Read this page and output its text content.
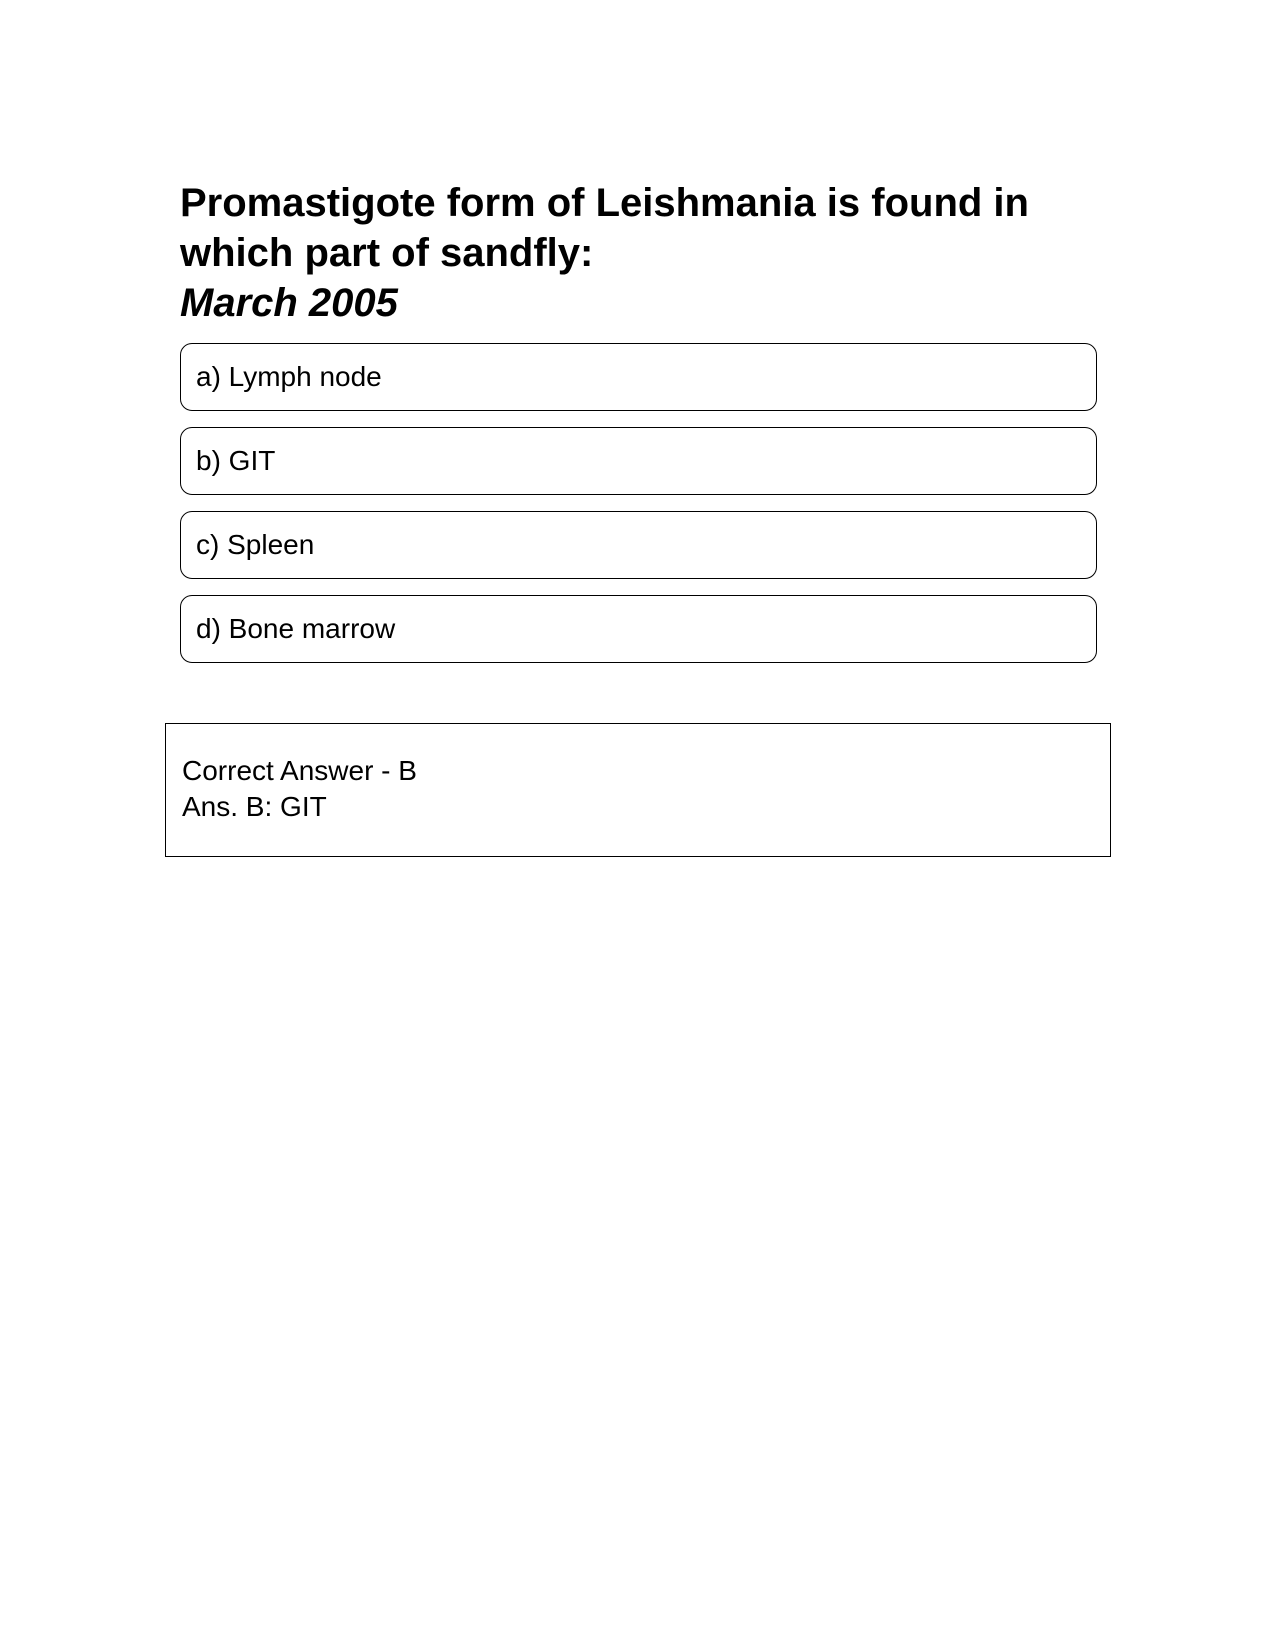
Promastigote form of Leishmania is found in which part of sandfly:
March 2005
a) Lymph node
b) GIT
c) Spleen
d) Bone marrow
Correct Answer - B
Ans. B: GIT
